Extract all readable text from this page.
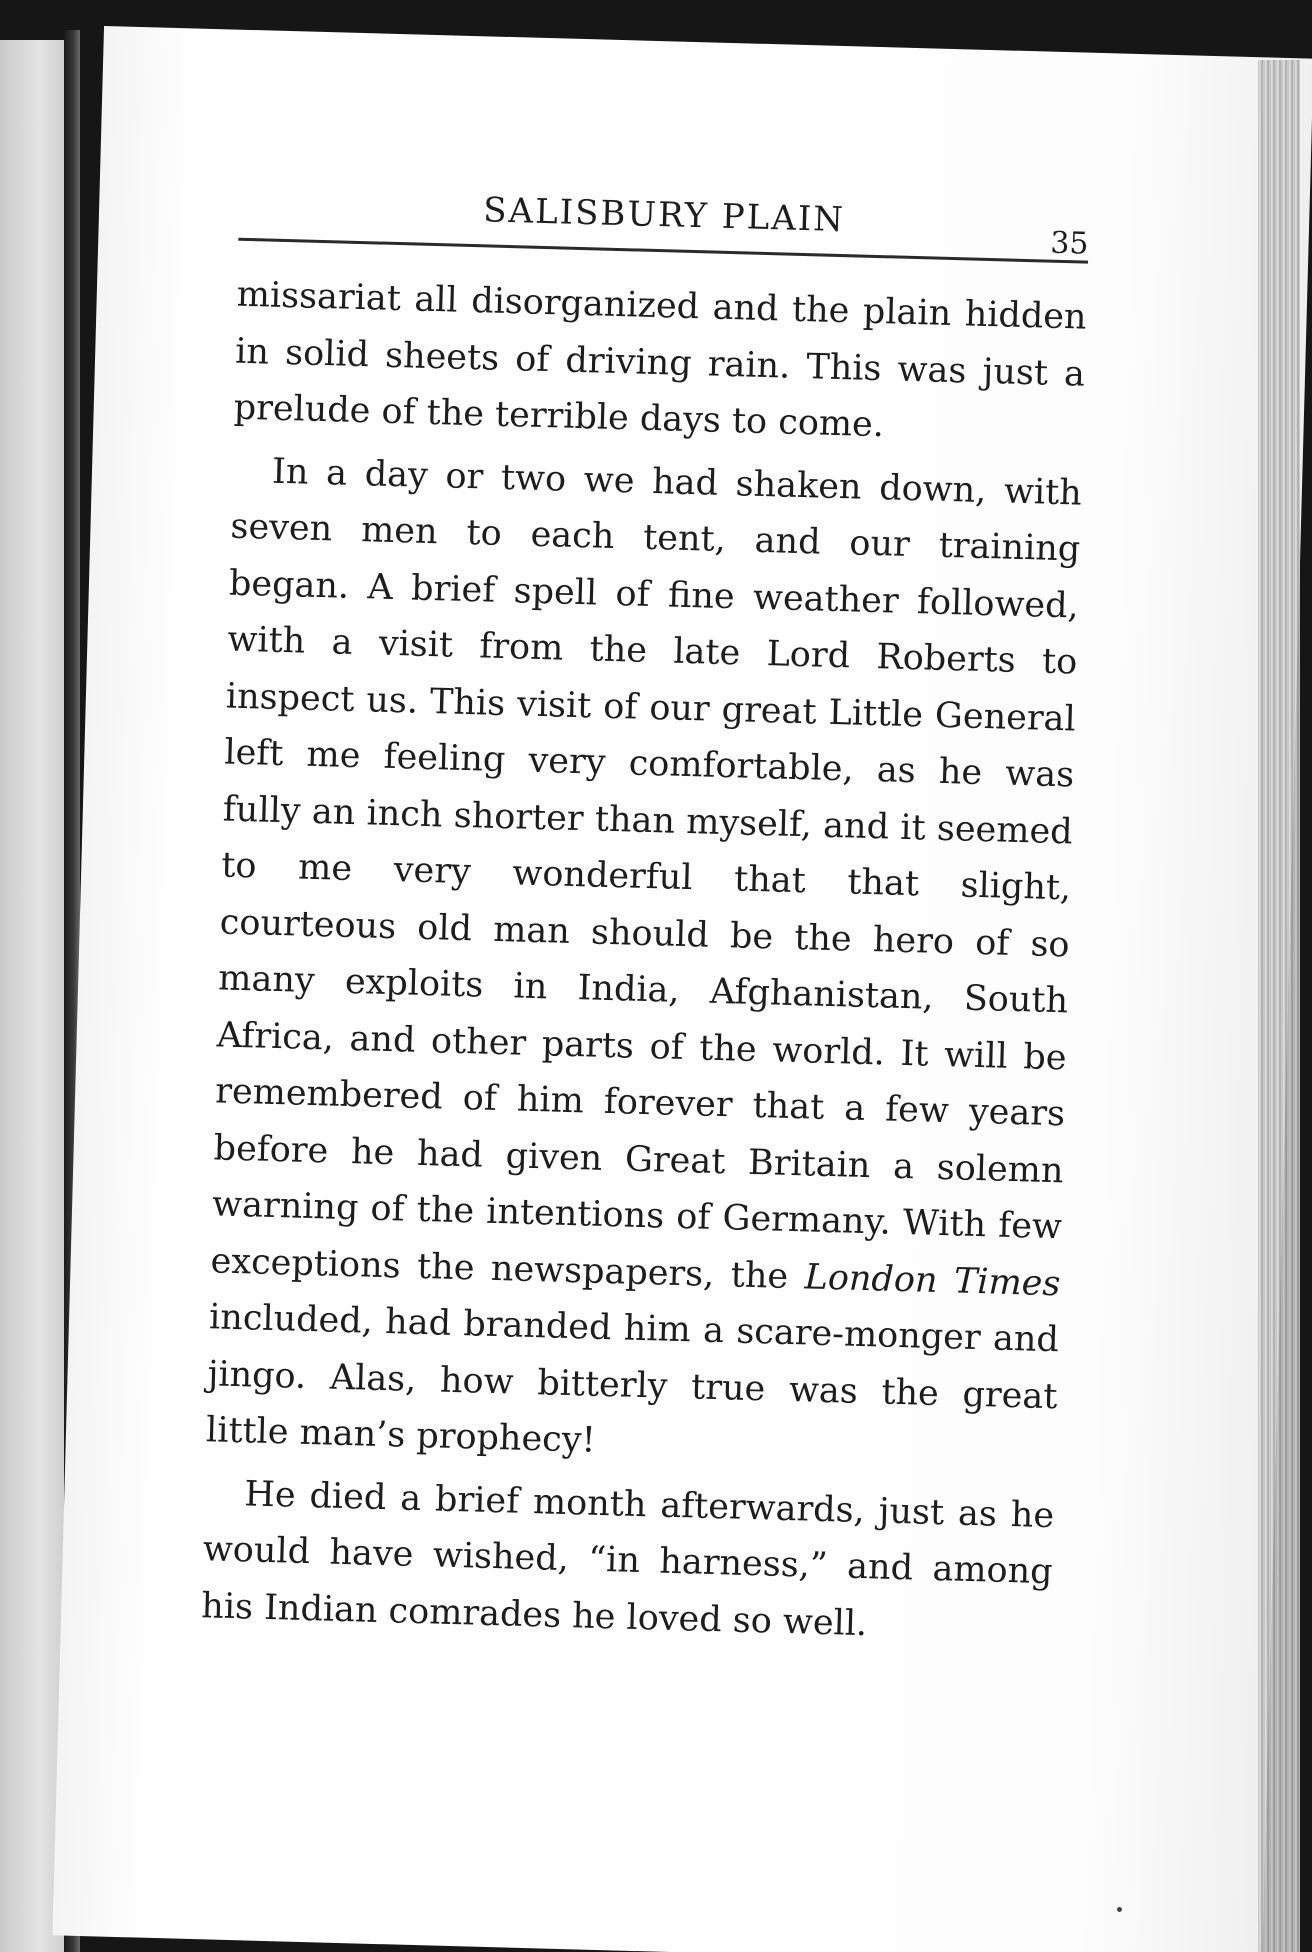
SALISBURY PLAIN
35

missariat all disorganized and the plain hidden in solid sheets of driving rain. This was just a prelude of the terrible days to come.

In a day or two we had shaken down, with seven men to each tent, and our training began. A brief spell of fine weather followed, with a visit from the late Lord Roberts to inspect us. This visit of our great Little General left me feeling very comfortable, as he was fully an inch shorter than myself, and it seemed to me very wonderful that that slight, courteous old man should be the hero of so many exploits in India, Afghanistan, South Africa, and other parts of the world. It will be remembered of him forever that a few years before he had given Great Britain a solemn warning of the intentions of Germany. With few exceptions the newspapers, the London Times included, had branded him a scare-monger and jingo. Alas, how bitterly true was the great little man’s prophecy!

He died a brief month afterwards, just as he would have wished, “in harness,” and among his Indian comrades he loved so well.
